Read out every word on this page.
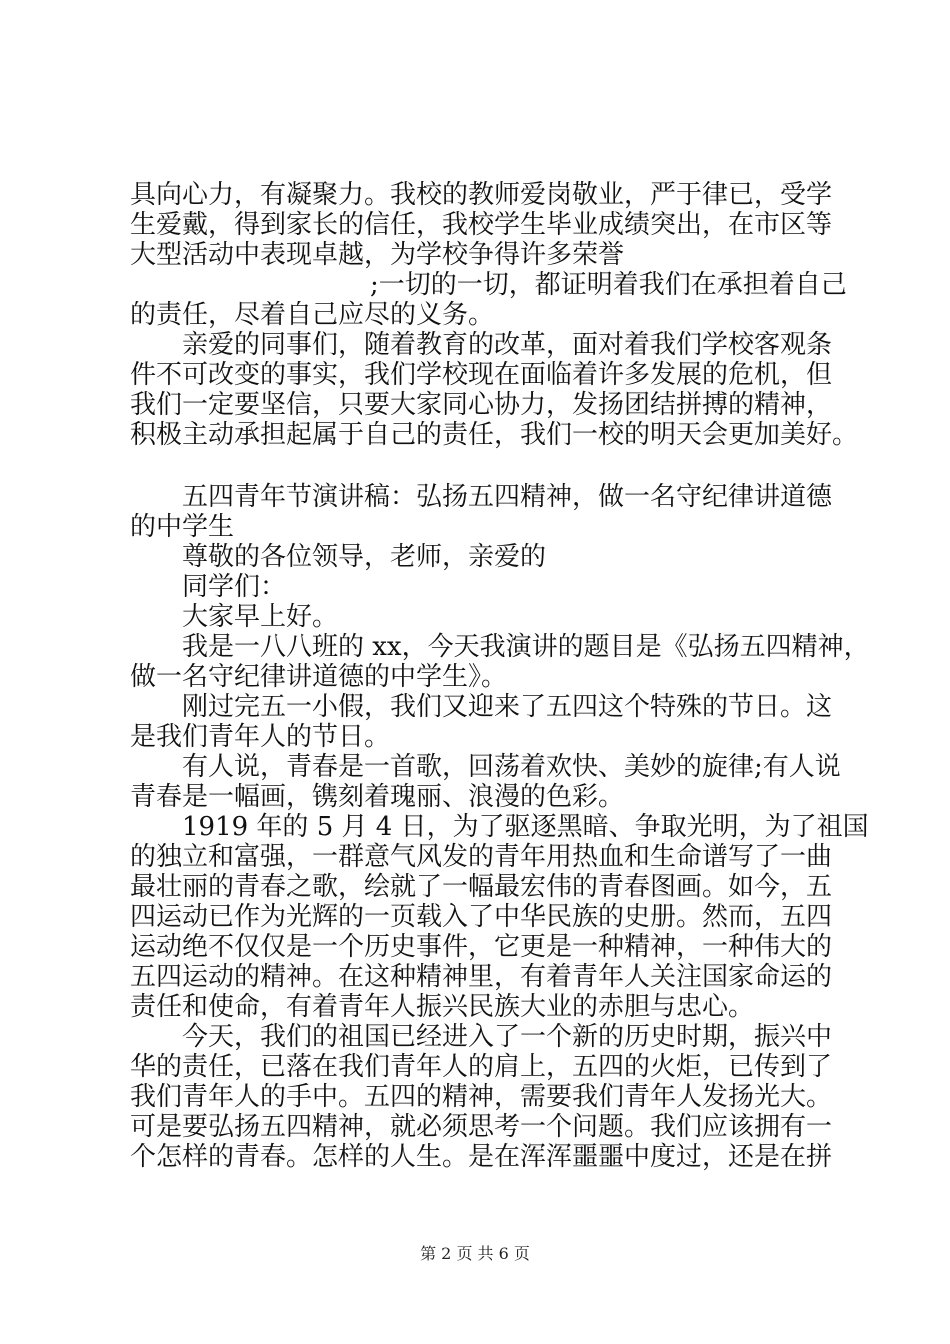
具向心力，有凝聚力。我校的教师爱岗敬业，严于律已，受学
生爱戴，得到家长的信任，我校学生毕业成绩突出，在市区等
大型活动中表现卓越，为学校争得许多荣誉
;一切的一切，都证明着我们在承担着自己
的责任，尽着自己应尽的义务。
亲爱的同事们，随着教育的改革，面对着我们学校客观条
件不可改变的事实，我们学校现在面临着许多发展的危机，但
我们一定要坚信，只要大家同心协力，发扬团结拼搏的精神，
积极主动承担起属于自己的责任，我们一校的明天会更加美好。
五四青年节演讲稿：弘扬五四精神，做一名守纪律讲道德
的中学生
尊敬的各位领导，老师，亲爱的
同学们：
大家早上好。
我是一八八班的 xx，今天我演讲的题目是《弘扬五四精神，
做一名守纪律讲道德的中学生》。
刚过完五一小假，我们又迎来了五四这个特殊的节日。这
是我们青年人的节日。
有人说，青春是一首歌，回荡着欢快、美妙的旋律;有人说
青春是一幅画，镌刻着瑰丽、浪漫的色彩。
1919 年的 5 月 4 日，为了驱逐黑暗、争取光明，为了祖国
的独立和富强，一群意气风发的青年用热血和生命谱写了一曲
最壮丽的青春之歌，绘就了一幅最宏伟的青春图画。如今，五
四运动已作为光辉的一页载入了中华民族的史册。然而，五四
运动绝不仅仅是一个历史事件，它更是一种精神，一种伟大的
五四运动的精神。在这种精神里，有着青年人关注国家命运的
责任和使命，有着青年人振兴民族大业的赤胆与忠心。
今天，我们的祖国已经进入了一个新的历史时期，振兴中
华的责任，已落在我们青年人的肩上，五四的火炬，已传到了
我们青年人的手中。五四的精神，需要我们青年人发扬光大。
可是要弘扬五四精神，就必须思考一个问题。我们应该拥有一
个怎样的青春。怎样的人生。是在浑浑噩噩中度过，还是在拼
第 2 页 共 6 页
